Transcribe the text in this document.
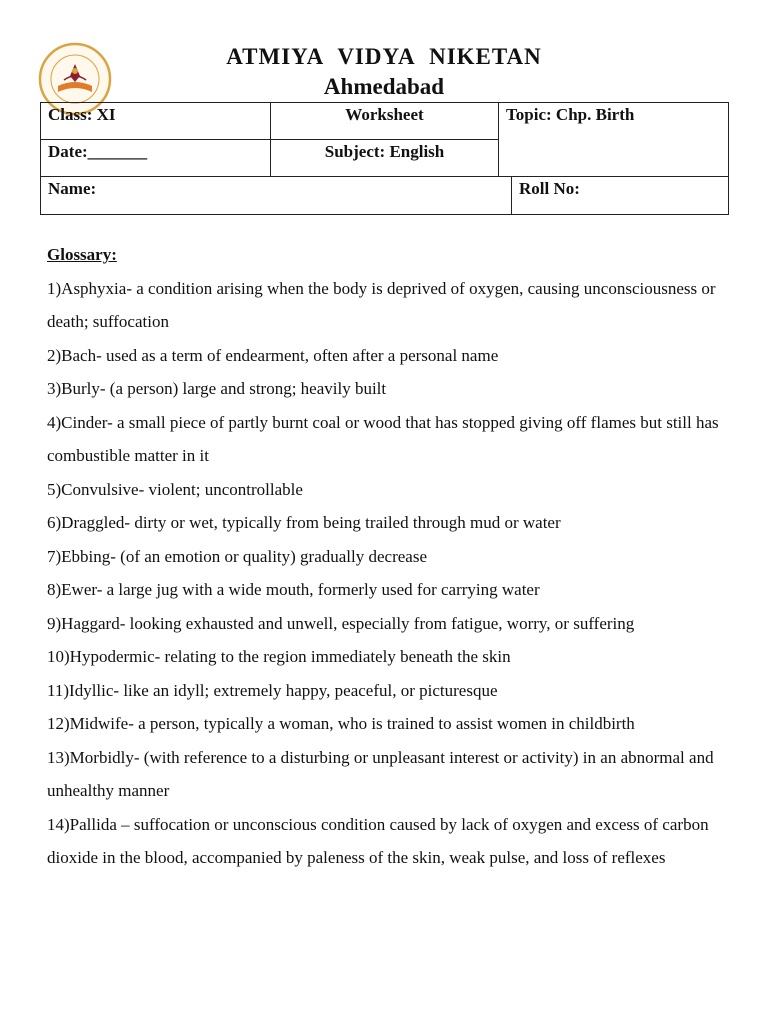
ATMIYA VIDYA NIKETAN
Ahmedabad
Class: XI	Worksheet	Topic: Chp. Birth
Date:_______	Subject: English
Name:	Roll No:

Glossary:

1)Asphyxia- a condition arising when the body is deprived of oxygen, causing unconsciousness or death; suffocation

2)Bach- used as a term of endearment, often after a personal name

3)Burly- (a person) large and strong; heavily built

4)Cinder- a small piece of partly burnt coal or wood that has stopped giving off flames but still has combustible matter in it

5)Convulsive- violent; uncontrollable

6)Draggled- dirty or wet, typically from being trailed through mud or water

7)Ebbing- (of an emotion or quality) gradually decrease

8)Ewer- a large jug with a wide mouth, formerly used for carrying water

9)Haggard- looking exhausted and unwell, especially from fatigue, worry, or suffering

10)Hypodermic- relating to the region immediately beneath the skin

11)Idyllic- like an idyll; extremely happy, peaceful, or picturesque

12)Midwife- a person, typically a woman, who is trained to assist women in childbirth

13)Morbidly- (with reference to a disturbing or unpleasant interest or activity) in an abnormal and unhealthy manner

14)Pallida – suffocation or unconscious condition caused by lack of oxygen and excess of carbon dioxide in the blood, accompanied by paleness of the skin, weak pulse, and loss of reflexes
